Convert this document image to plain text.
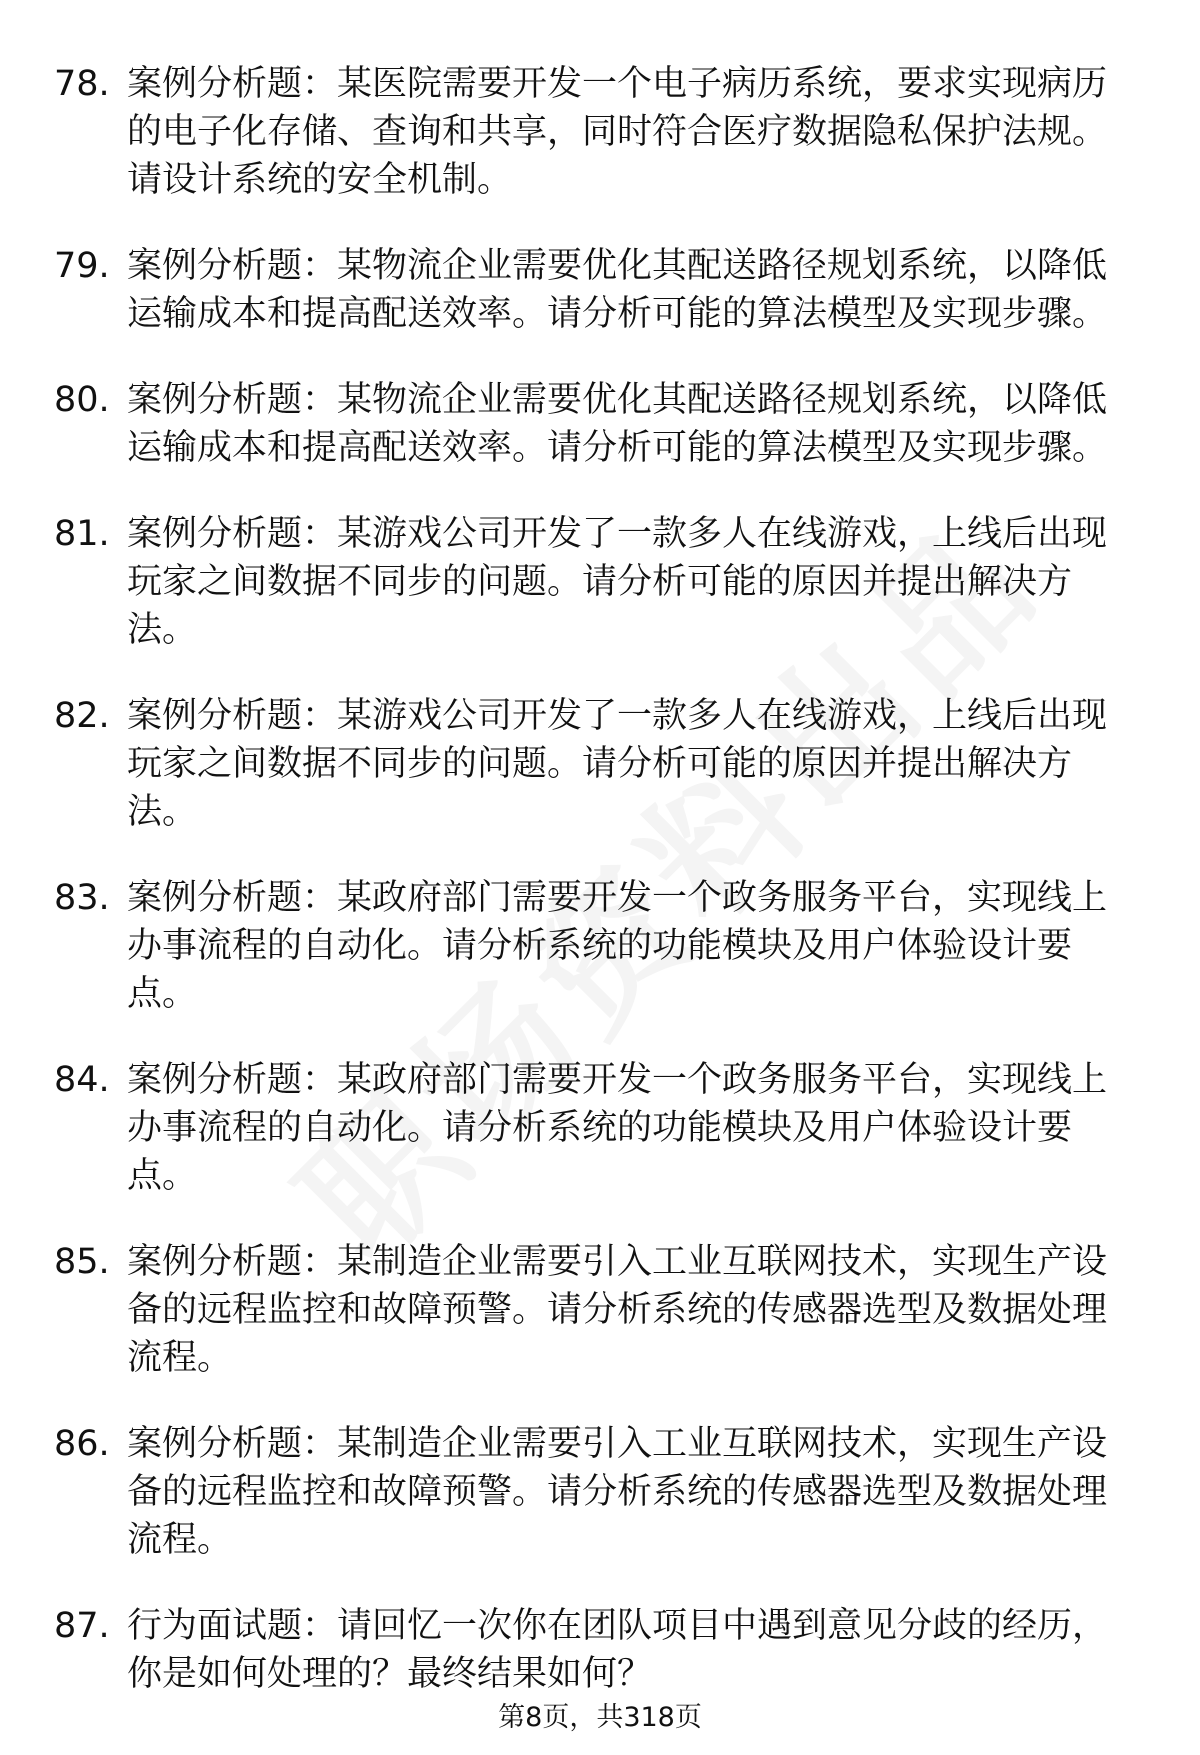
78. 案例分析题：某医院需要开发一个电子病历系统，要求实现病历的电子化存储、查询和共享，同时符合医疗数据隐私保护法规。请设计系统的安全机制。
79. 案例分析题：某物流企业需要优化其配送路径规划系统，以降低运输成本和提高配送效率。请分析可能的算法模型及实现步骤。
80. 案例分析题：某物流企业需要优化其配送路径规划系统，以降低运输成本和提高配送效率。请分析可能的算法模型及实现步骤。
81. 案例分析题：某游戏公司开发了一款多人在线游戏，上线后出现玩家之间数据不同步的问题。请分析可能的原因并提出解决方法。
82. 案例分析题：某游戏公司开发了一款多人在线游戏，上线后出现玩家之间数据不同步的问题。请分析可能的原因并提出解决方法。
83. 案例分析题：某政府部门需要开发一个政务服务平台，实现线上办事流程的自动化。请分析系统的功能模块及用户体验设计要点。
84. 案例分析题：某政府部门需要开发一个政务服务平台，实现线上办事流程的自动化。请分析系统的功能模块及用户体验设计要点。
85. 案例分析题：某制造企业需要引入工业互联网技术，实现生产设备的远程监控和故障预警。请分析系统的传感器选型及数据处理流程。
86. 案例分析题：某制造企业需要引入工业互联网技术，实现生产设备的远程监控和故障预警。请分析系统的传感器选型及数据处理流程。
87. 行为面试题：请回忆一次你在团队项目中遇到意见分歧的经历，你是如何处理的？最终结果如何？
第8页，共318页
